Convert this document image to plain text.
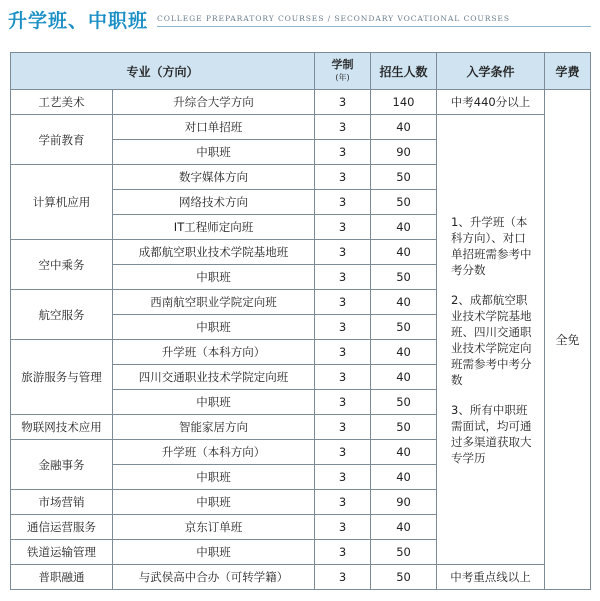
升学班、中职班 COLLEGE PREPARATORY COURSES / SECONDARY VOCATIONAL COURSES
专业（方向）		学制
(年)	招生人数	入学条件	学费
工艺美术	升综合大学方向	3	140	中考440分以上	全免
学前教育	对口单招班	3	40	1、升学班（本科方向）、对口单招班需参考中考分数

2、成都航空职业技术学院基地班、四川交通职业技术学院定向班需参考中考分数

3、所有中职班需面试，均可通过多渠道获取大专学历	

	中职班	3	90		
计算机应用	数字媒体方向	3	50		
	网络技术方向	3	50		
	IT工程师定向班	3	40		
空中乘务	成都航空职业技术学院基地班	3	40		
	中职班	3	50		
航空服务	西南航空职业学院定向班	3	40		
	中职班	3	50		
旅游服务与管理	升学班（本科方向）	3	40		
	四川交通职业技术学院定向班	3	40		
	中职班	3	50		
物联网技术应用	智能家居方向	3	50		
金融事务	升学班（本科方向）	3	40		
	中职班	3	40		
市场营销	中职班	3	90		
通信运营服务	京东订单班	3	40		
铁道运输管理	中职班	3	50		
普职融通	与武侯高中合办（可转学籍）	3	50	中考重点线以上	
